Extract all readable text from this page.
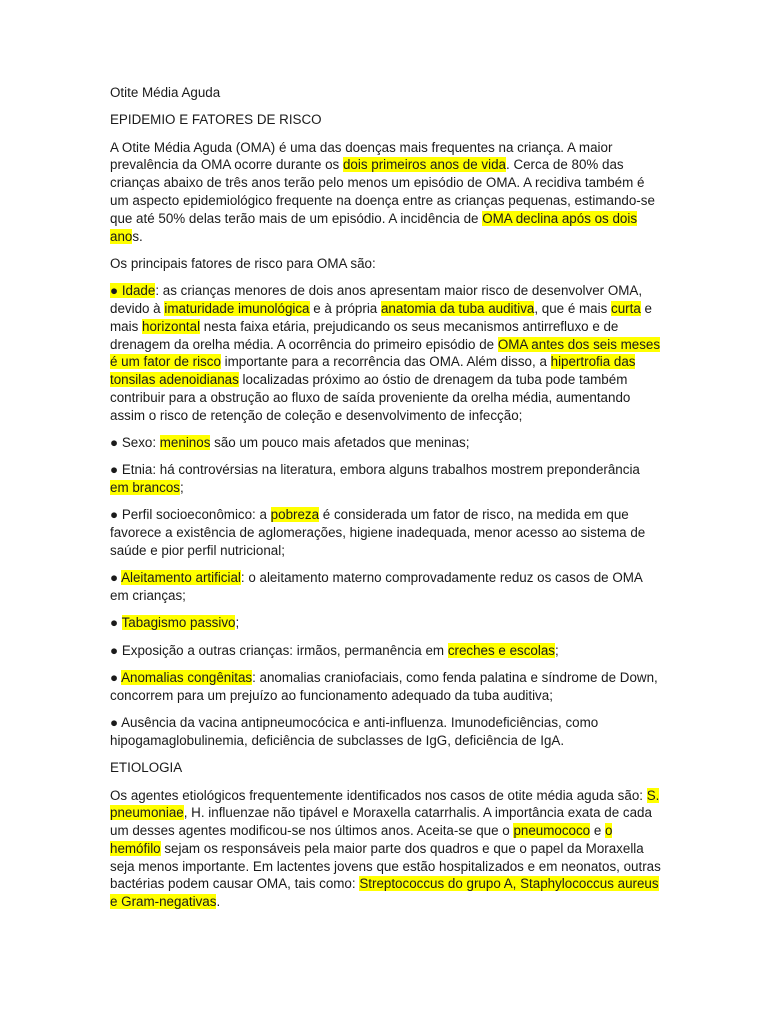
Otite Média Aguda

EPIDEMIO E FATORES DE RISCO

A Otite Média Aguda (OMA) é uma das doenças mais frequentes na criança. A maior prevalência da OMA ocorre durante os dois primeiros anos de vida. Cerca de 80% das crianças abaixo de três anos terão pelo menos um episódio de OMA. A recidiva também é um aspecto epidemiológico frequente na doença entre as crianças pequenas, estimando-se que até 50% delas terão mais de um episódio. A incidência de OMA declina após os dois anos.

Os principais fatores de risco para OMA são:

● Idade: as crianças menores de dois anos apresentam maior risco de desenvolver OMA, devido à imaturidade imunológica e à própria anatomia da tuba auditiva, que é mais curta e mais horizontal nesta faixa etária, prejudicando os seus mecanismos antirrefluxo e de drenagem da orelha média. A ocorrência do primeiro episódio de OMA antes dos seis meses é um fator de risco importante para a recorrência das OMA. Além disso, a hipertrofia das tonsilas adenoidianas localizadas próximo ao óstio de drenagem da tuba pode também contribuir para a obstrução ao fluxo de saída proveniente da orelha média, aumentando assim o risco de retenção de coleção e desenvolvimento de infecção;

● Sexo: meninos são um pouco mais afetados que meninas;

● Etnia: há controvérsias na literatura, embora alguns trabalhos mostrem preponderância em brancos;

● Perfil socioeconômico: a pobreza é considerada um fator de risco, na medida em que favorece a existência de aglomerações, higiene inadequada, menor acesso ao sistema de saúde e pior perfil nutricional;

● Aleitamento artificial: o aleitamento materno comprovadamente reduz os casos de OMA em crianças;

● Tabagismo passivo;

● Exposição a outras crianças: irmãos, permanência em creches e escolas;

● Anomalias congênitas: anomalias craniofaciais, como fenda palatina e síndrome de Down, concorrem para um prejuízo ao funcionamento adequado da tuba auditiva;

● Ausência da vacina antipneumocócica e anti-influenza. Imunodeficiências, como hipogamaglobulinemia, deficiência de subclasses de IgG, deficiência de IgA.

ETIOLOGIA

Os agentes etiológicos frequentemente identificados nos casos de otite média aguda são: S. pneumoniae, H. influenzae não tipável e Moraxella catarrhalis. A importância exata de cada um desses agentes modificou-se nos últimos anos. Aceita-se que o pneumococo e o hemófilo sejam os responsáveis pela maior parte dos quadros e que o papel da Moraxella seja menos importante. Em lactentes jovens que estão hospitalizados e em neonatos, outras bactérias podem causar OMA, tais como: Streptococcus do grupo A, Staphylococcus aureus e Gram-negativas.
